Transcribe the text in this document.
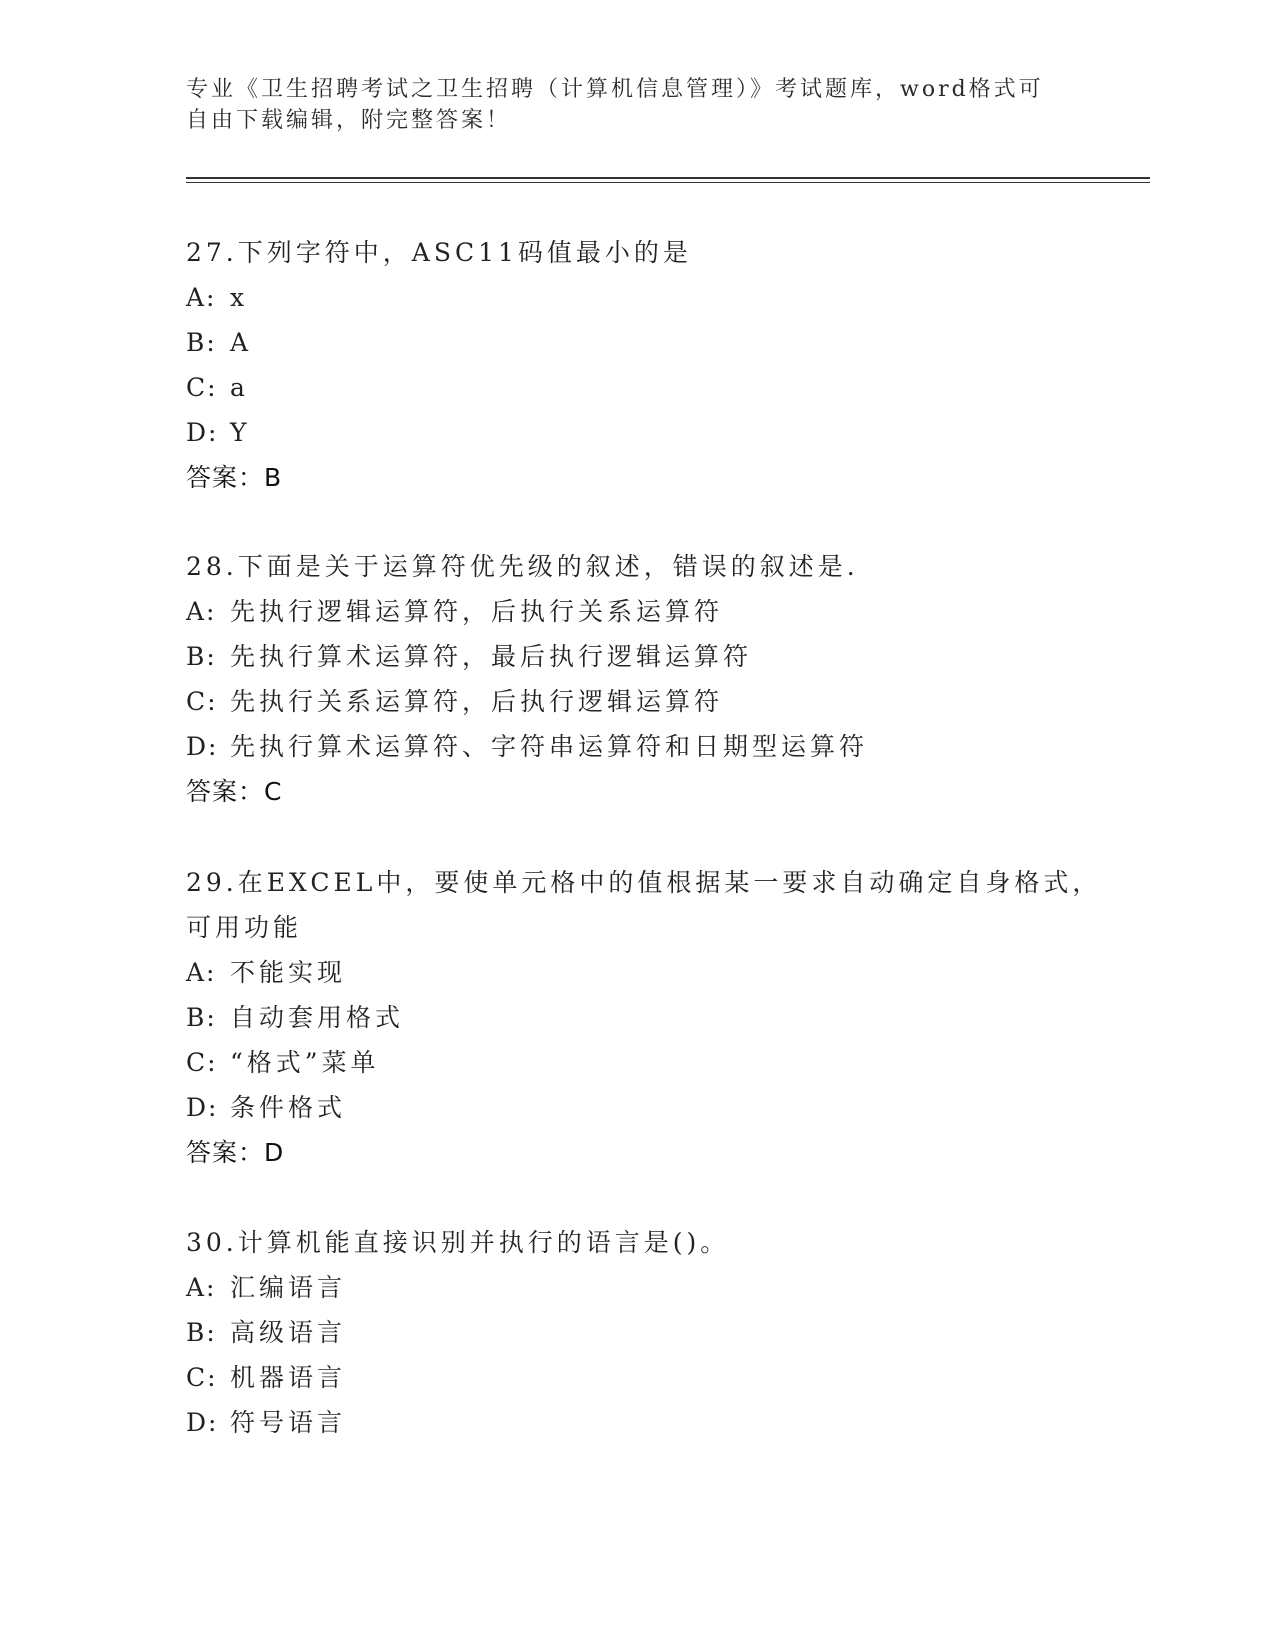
专业《卫生招聘考试之卫生招聘（计算机信息管理）》考试题库，word格式可自由下载编辑，附完整答案！

27.下列字符中，ASC11码值最小的是

A: x

B: A

C: a

D: Y

答案：B

28.下面是关于运算符优先级的叙述，错误的叙述是.

A: 先执行逻辑运算符，后执行关系运算符

B: 先执行算术运算符，最后执行逻辑运算符

C: 先执行关系运算符，后执行逻辑运算符

D: 先执行算术运算符、字符串运算符和日期型运算符

答案：C

29.在EXCEL中，要使单元格中的值根据某一要求自动确定自身格式，可用功能

A: 不能实现

B: 自动套用格式

C: “格式”菜单

D: 条件格式

答案：D

30.计算机能直接识别并执行的语言是()。

A: 汇编语言

B: 高级语言

C: 机器语言

D: 符号语言
